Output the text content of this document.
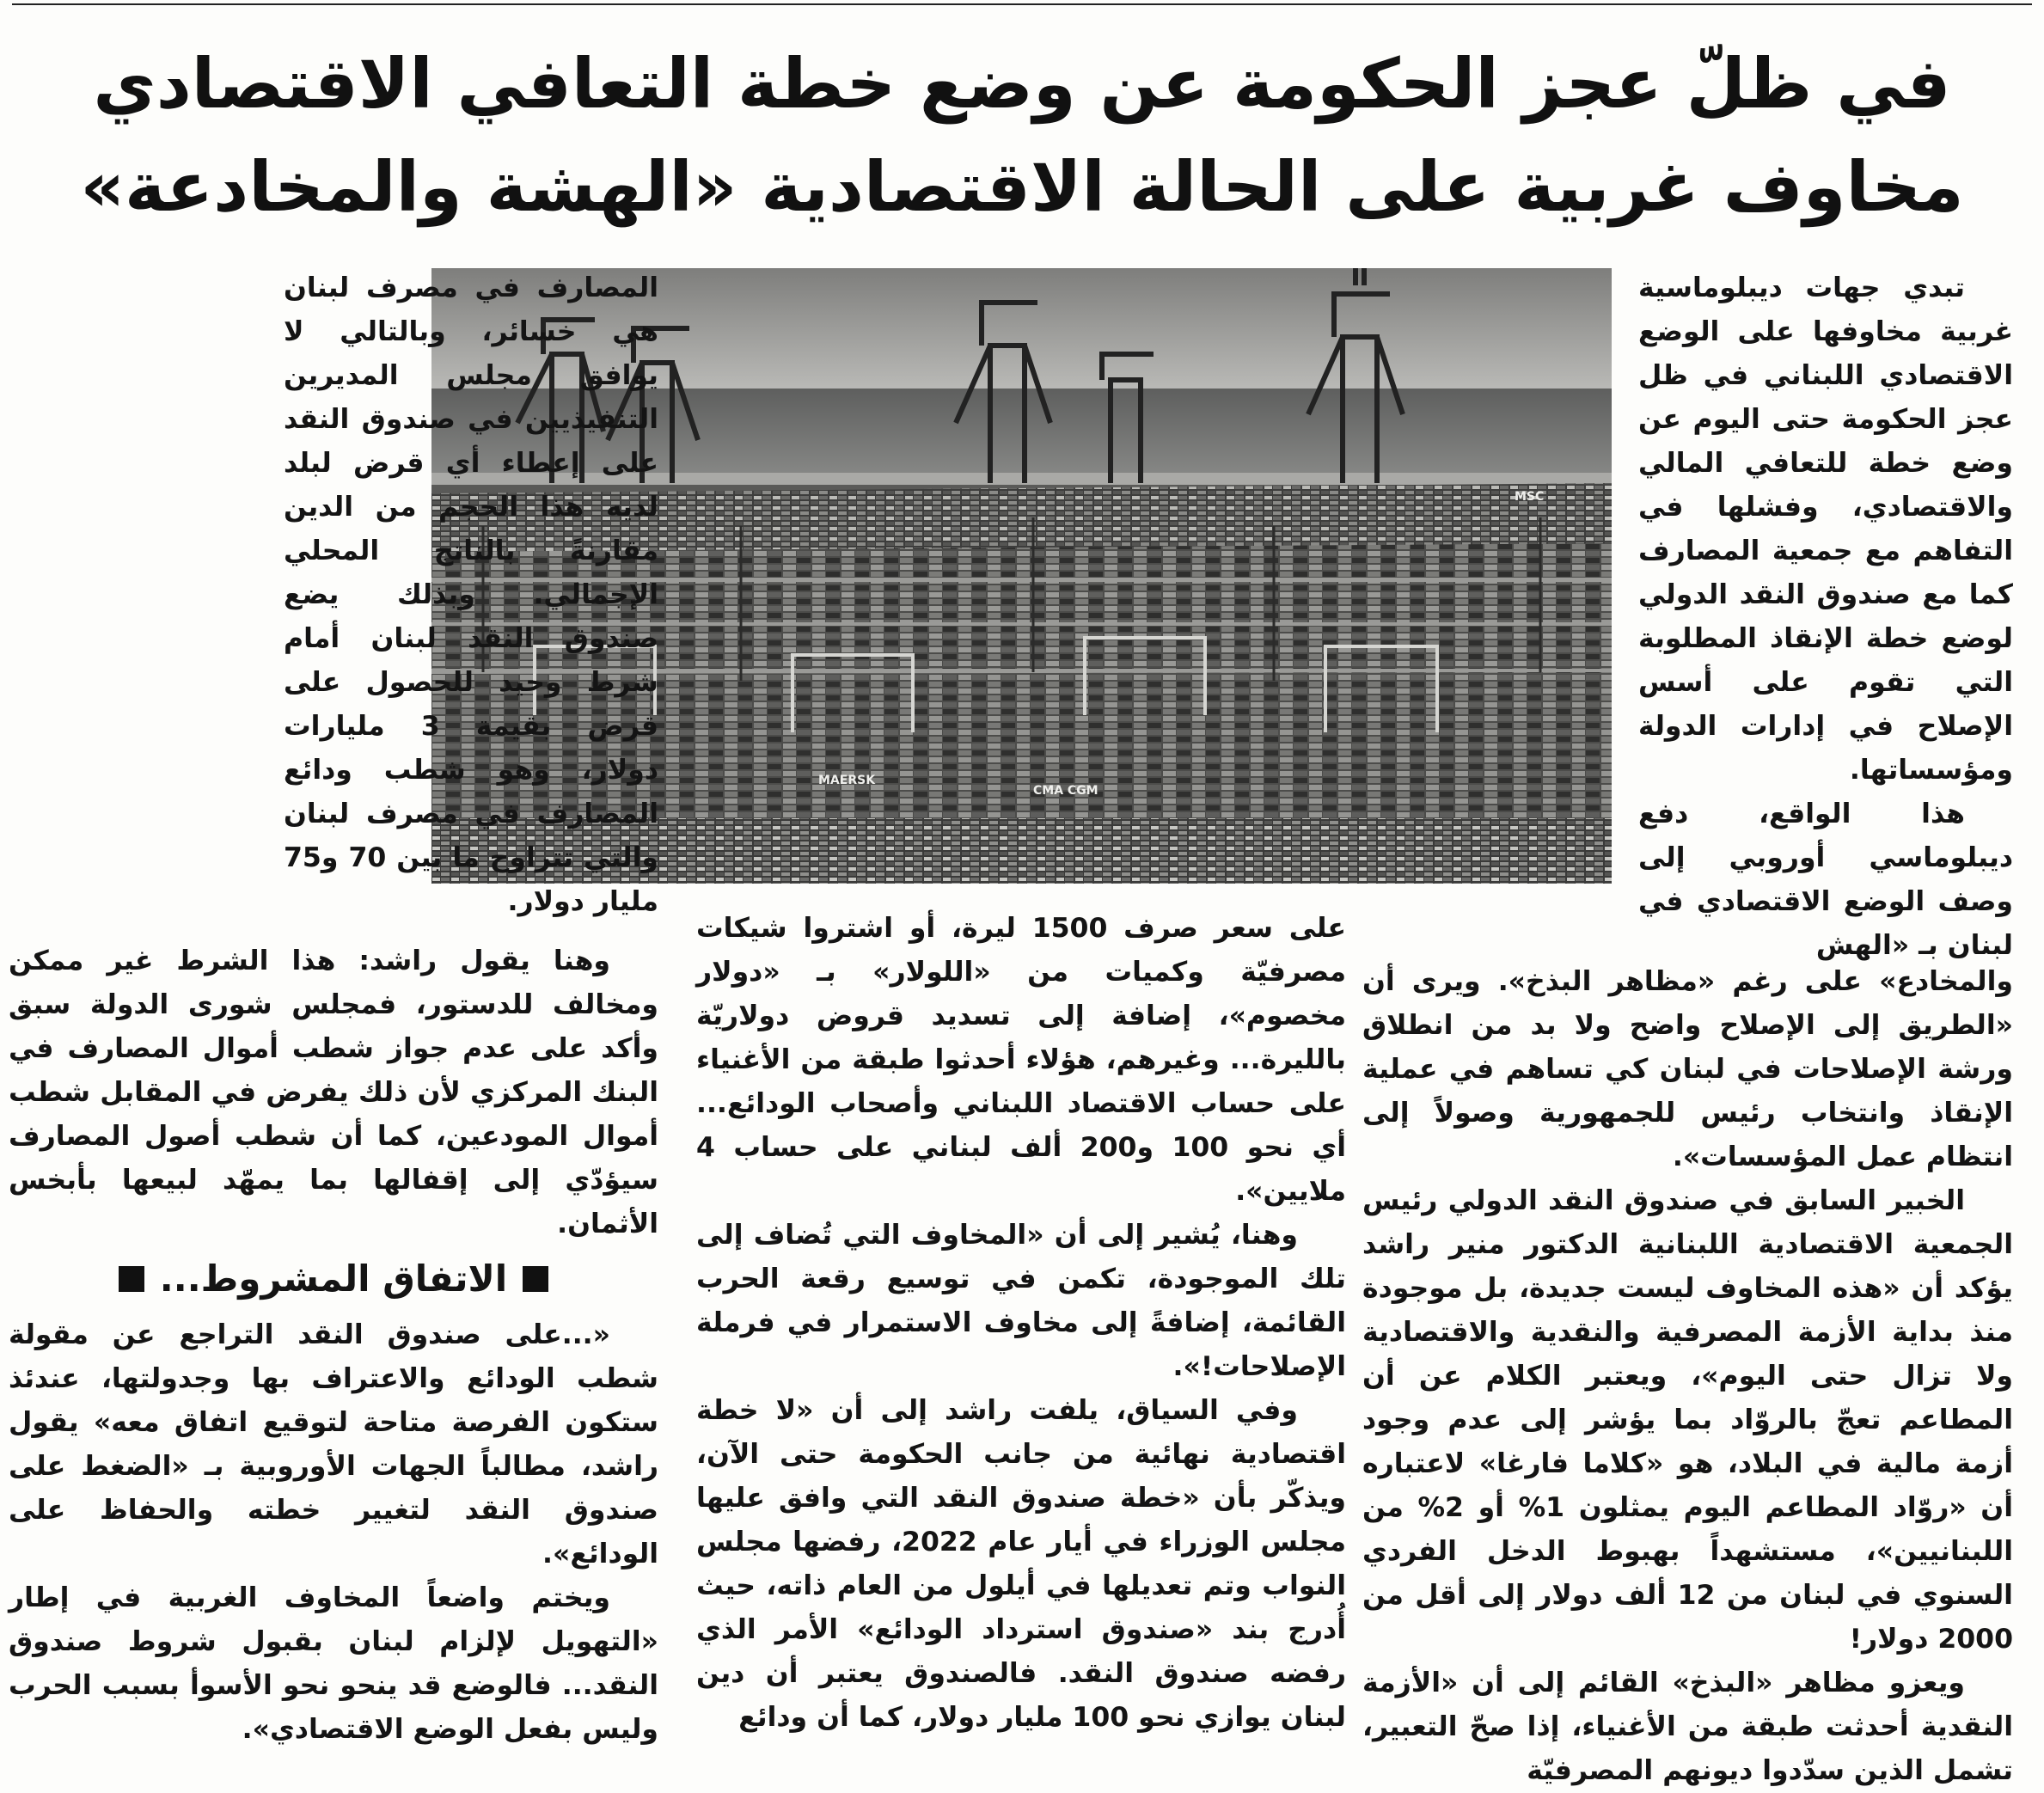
في ظلّ عجز الحكومة عن وضع خطة التعافي الاقتصادي
مخاوف غربية على الحالة الاقتصادية «الهشة والمخادعة»
MAERSK
MSC
CMA CGM

تبدي جهات ديبلوماسية غربية مخاوفها على الوضع الاقتصادي اللبناني في ظل عجز الحكومة حتى اليوم عن وضع خطة للتعافي المالي والاقتصادي، وفشلها في التفاهم مع جمعية المصارف كما مع صندوق النقد الدولي لوضع خطة الإنقاذ المطلوبة التي تقوم على أسس الإصلاح في إدارات الدولة ومؤسساتها.

هذا الواقع، دفع ديبلوماسي أوروبي إلى وصف الوضع الاقتصادي في لبنان بـ «الهش

والمخادع» على رغم «مظاهر البذخ». ويرى أن «الطريق إلى الإصلاح واضح ولا بد من انطلاق ورشة الإصلاحات في لبنان كي تساهم في عملية الإنقاذ وانتخاب رئيس للجمهورية وصولاً إلى انتظام عمل المؤسسات».

الخبير السابق في صندوق النقد الدولي رئيس الجمعية الاقتصادية اللبنانية الدكتور منير راشد يؤكد أن «هذه المخاوف ليست جديدة، بل موجودة منذ بداية الأزمة المصرفية والنقدية والاقتصادية ولا تزال حتى اليوم»، ويعتبر الكلام عن أن المطاعم تعجّ بالروّاد بما يؤشر إلى عدم وجود أزمة مالية في البلاد، هو «كلاما فارغا» لاعتباره أن «روّاد المطاعم اليوم يمثلون 1% أو 2% من اللبنانيين»، مستشهداً بهبوط الدخل الفردي السنوي في لبنان من 12 ألف دولار إلى أقل من 2000 دولار!

ويعزو مظاهر «البذخ» القائم إلى أن «الأزمة النقدية أحدثت طبقة من الأغنياء، إذا صحّ التعبير، تشمل الذين سدّدوا ديونهم المصرفيّة

على سعر صرف 1500 ليرة، أو اشتروا شيكات مصرفيّة وكميات من «اللولار» بـ «دولار مخصوم»، إضافة إلى تسديد قروض دولاريّة بالليرة... وغيرهم، هؤلاء أحدثوا طبقة من الأغنياء على حساب الاقتصاد اللبناني وأصحاب الودائع... أي نحو 100 و200 ألف لبناني على حساب 4 ملايين».

وهنا، يُشير إلى أن «المخاوف التي تُضاف إلى تلك الموجودة، تكمن في توسيع رقعة الحرب القائمة، إضافةً إلى مخاوف الاستمرار في فرملة الإصلاحات!».

وفي السياق، يلفت راشد إلى أن «لا خطة اقتصادية نهائية من جانب الحكومة حتى الآن، ويذكّر بأن «خطة صندوق النقد التي وافق عليها مجلس الوزراء في أيار عام 2022، رفضها مجلس النواب وتم تعديلها في أيلول من العام ذاته، حيث أُدرج بند «صندوق استرداد الودائع» الأمر الذي رفضه صندوق النقد. فالصندوق يعتبر أن دين لبنان يوازي نحو 100 مليار دولار، كما أن ودائع

المصارف في مصرف لبنان هي خسائر، وبالتالي لا يوافق مجلس المديرين التنفيذيين في صندوق النقد على إعطاء أي قرض لبلد لديه هذا الحجم من الدين مقارنةً بالناتج المحلي الإجمالي. وبذلك يضع صندوق النقد لبنان أمام شرط وحيد للحصول على قرض بقيمة 3 مليارات دولار، وهو شطب ودائع المصارف في مصرف لبنان والتي تتراوح ما بين 70 و75 مليار دولار.

وهنا يقول راشد: هذا الشرط غير ممكن ومخالف للدستور، فمجلس شورى الدولة سبق وأكد على عدم جواز شطب أموال المصارف في البنك المركزي لأن ذلك يفرض في المقابل شطب أموال المودعين، كما أن شطب أصول المصارف سيؤدّي إلى إقفالها بما يمهّد لبيعها بأبخس الأثمان.

الاتفاق المشروط...

«...على صندوق النقد التراجع عن مقولة شطب الودائع والاعتراف بها وجدولتها، عندئذ ستكون الفرصة متاحة لتوقيع اتفاق معه» يقول راشد، مطالباً الجهات الأوروبية بـ «الضغط على صندوق النقد لتغيير خطته والحفاظ على الودائع».

ويختم واضعاً المخاوف الغربية في إطار «التهويل لإلزام لبنان بقبول شروط صندوق النقد... فالوضع قد ينحو نحو الأسوأ بسبب الحرب وليس بفعل الوضع الاقتصادي».
